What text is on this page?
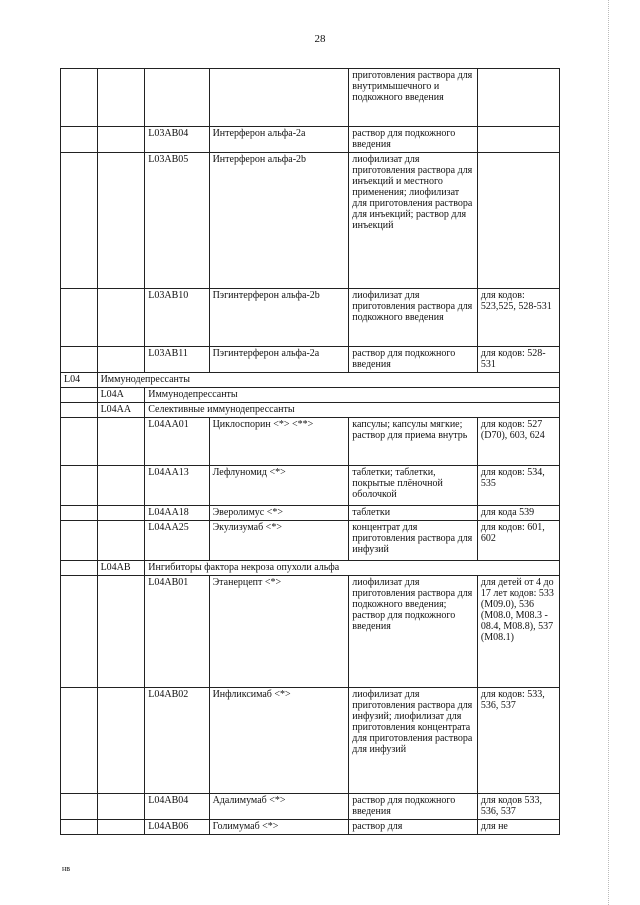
28
				приготовления раствора для внутримышечного и подкожного введения	
		L03AB04	Интерферон альфа-2а	раствор для подкожного введения	
		L03AB05	Интерферон альфа-2b	лиофилизат для приготовления раствора для инъекций и местного применения; лиофилизат для приготовления раствора для инъекций; раствор для инъекций	
		L03AB10	Пэгинтерферон альфа-2b	лиофилизат для приготовления раствора для подкожного введения	для кодов: 523,525, 528-531
		L03AB11	Пэгинтерферон альфа-2а	раствор для подкожного введения	для кодов: 528-531
L04	Иммунодепрессанты				
	L04A	Иммунодепрессанты			
	L04AA	Селективные иммунодепрессанты			
		L04AA01	Циклоспорин <*> <**>	капсулы; капсулы мягкие; раствор для приема внутрь	для кодов: 527 (D70), 603, 624
		L04AA13	Лефлуномид <*>	таблетки; таблетки, покрытые плёночной оболочкой	для кодов: 534, 535
		L04AA18	Эверолимус <*>	таблетки	для кода 539
		L04AA25	Экулизумаб <*>	концентрат для приготовления раствора для инфузий	для кодов: 601, 602
	L04AB	Ингибиторы фактора некроза опухоли альфа			
		L04AB01	Этанерцепт <*>	лиофилизат для приготовления раствора для подкожного введения; раствор для подкожного введения	для детей от 4 до 17 лет кодов: 533 (M09.0), 536 (M08.0, M08.3 - 08.4, M08.8), 537 (M08.1)
		L04AB02	Инфликсимаб <*>	лиофилизат для приготовления раствора для инфузий; лиофилизат для приготовления концентрата для приготовления раствора для инфузий	для кодов: 533, 536, 537
		L04AB04	Адалимумаб <*>	раствор для подкожного введения	для кодов 533, 536, 537
		L04AB06	Голимумаб <*>	раствор для	для не
нв
